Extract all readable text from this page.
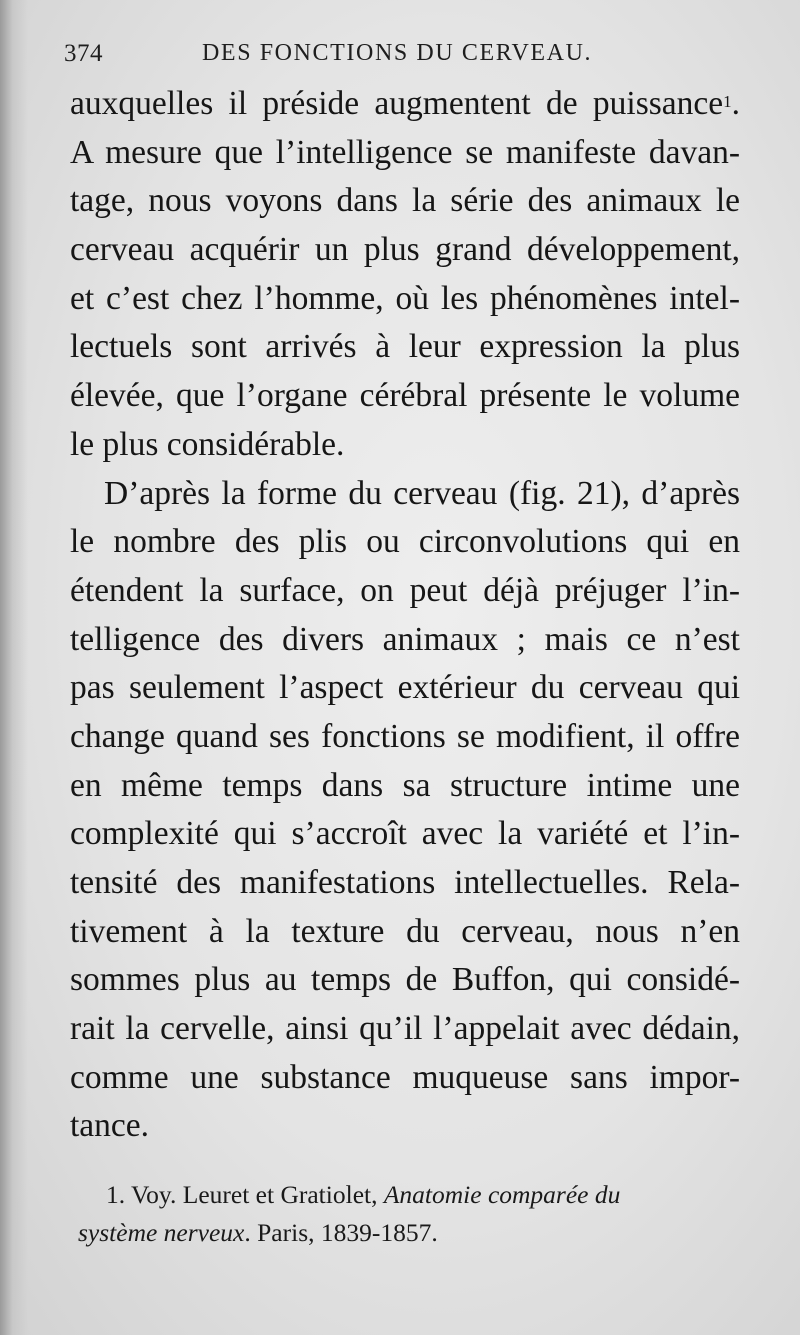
374	DES FONCTIONS DU CERVEAU.
auxquelles il préside augmentent de puissance$^1$.
A mesure que l’intelligence se manifeste davan-
tage, nous voyons dans la série des animaux le
cerveau acquérir un plus grand développement,
et c’est chez l’homme, où les phénomènes intel-
lectuels sont arrivés à leur expression la plus
élevée, que l’organe cérébral présente le volume
le plus considérable.
D’après la forme du cerveau (fig. 21), d’après
le nombre des plis ou circonvolutions qui en
étendent la surface, on peut déjà préjuger l’in-
telligence des divers animaux ; mais ce n’est
pas seulement l’aspect extérieur du cerveau qui
change quand ses fonctions se modifient, il offre
en même temps dans sa structure intime une
complexité qui s’accroît avec la variété et l’in-
tensité des manifestations intellectuelles. Rela-
tivement à la texture du cerveau, nous n’en
sommes plus au temps de Buffon, qui considé-
rait la cervelle, ainsi qu’il l’appelait avec dédain,
comme une substance muqueuse sans impor-
tance.
1. Voy. Leuret et Gratiolet, Anatomie comparée du
système nerveux. Paris, 1839-1857.
